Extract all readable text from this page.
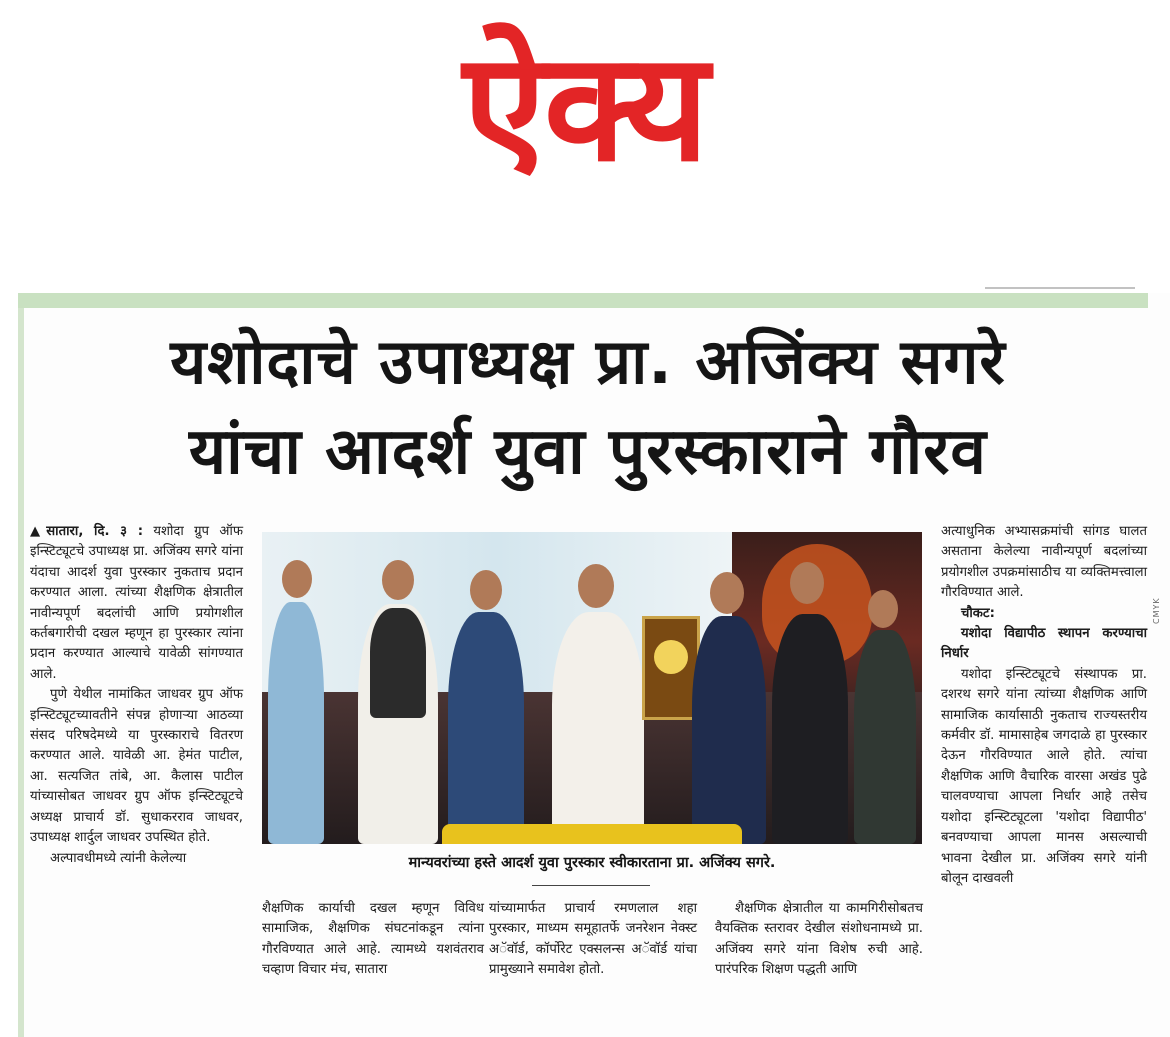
ऐक्य
यशोदाचे उपाध्यक्ष प्रा. अजिंक्य सगरे
यांचा आदर्श युवा पुरस्काराने गौरव

▲सातारा, दि. ३ : यशोदा ग्रुप ऑफ इन्स्टिट्यूटचे उपाध्यक्ष प्रा. अजिंक्य सगरे यांना यंदाचा आदर्श युवा पुरस्कार नुकताच प्रदान करण्यात आला. त्यांच्या शैक्षणिक क्षेत्रातील नावीन्यपूर्ण बदलांची आणि प्रयोगशील कर्तबगारीची दखल म्हणून हा पुरस्कार त्यांना प्रदान करण्यात आल्याचे यावेळी सांगण्यात आले.

पुणे येथील नामांकित जाधवर ग्रुप ऑफ इन्स्टिट्यूटच्यावतीने संपन्न होणाऱ्या आठव्या संसद परिषदेमध्ये या पुरस्काराचे वितरण करण्यात आले. यावेळी आ. हेमंत पाटील, आ. सत्यजित तांबे, आ. कैलास पाटील यांच्यासोबत जाधवर ग्रुप ऑफ इन्स्टिट्यूटचे अध्यक्ष प्राचार्य डॉ. सुधाकरराव जाधवर, उपाध्यक्ष शार्दुल जाधवर उपस्थित होते.

अल्पावधीमध्ये त्यांनी केलेल्या	मान्यवरांच्या हस्ते आदर्श युवा पुरस्कार स्वीकारताना प्रा. अजिंक्य सगरे.

शैक्षणिक कार्याची दखल म्हणून विविध सामाजिक, शैक्षणिक संघटनांकडून त्यांना गौरविण्यात आले आहे. त्यामध्ये यशवंतराव चव्हाण विचार मंच, सातारा

यांच्यामार्फत प्राचार्य रमणलाल शहा पुरस्कार, माध्यम समूहातर्फे जनरेशन नेक्स्ट अॅवॉर्ड, कॉर्पोरेट एक्सलन्स अॅवॉर्ड यांचा प्रामुख्याने समावेश होतो.

शैक्षणिक क्षेत्रातील या कामगिरीसोबतच वैयक्तिक स्तरावर देखील संशोधनामध्ये प्रा. अजिंक्य सगरे यांना विशेष रुची आहे. पारंपरिक शिक्षण पद्धती आणि

अत्याधुनिक अभ्यासक्रमांची सांगड घालत असताना केलेल्या नावीन्यपूर्ण बदलांच्या प्रयोगशील उपक्रमांसाठीच या व्यक्तिमत्त्वाला गौरविण्यात आले.

चौकट:

यशोदा विद्यापीठ स्थापन करण्याचा निर्धार

यशोदा इन्स्टिट्यूटचे संस्थापक प्रा. दशरथ सगरे यांना त्यांच्या शैक्षणिक आणि सामाजिक कार्यासाठी नुकताच राज्यस्तरीय कर्मवीर डॉ. मामासाहेब जगदाळे हा पुरस्कार देऊन गौरविण्यात आले होते. त्यांचा शैक्षणिक आणि वैचारिक वारसा अखंड पुढे चालवण्याचा आपला निर्धार आहे तसेच यशोदा इन्स्टिट्यूटला 'यशोदा विद्यापीठ' बनवण्याचा आपला मानस असल्याची भावना देखील प्रा. अजिंक्य सगरे यांनी बोलून दाखवली

CMYK
